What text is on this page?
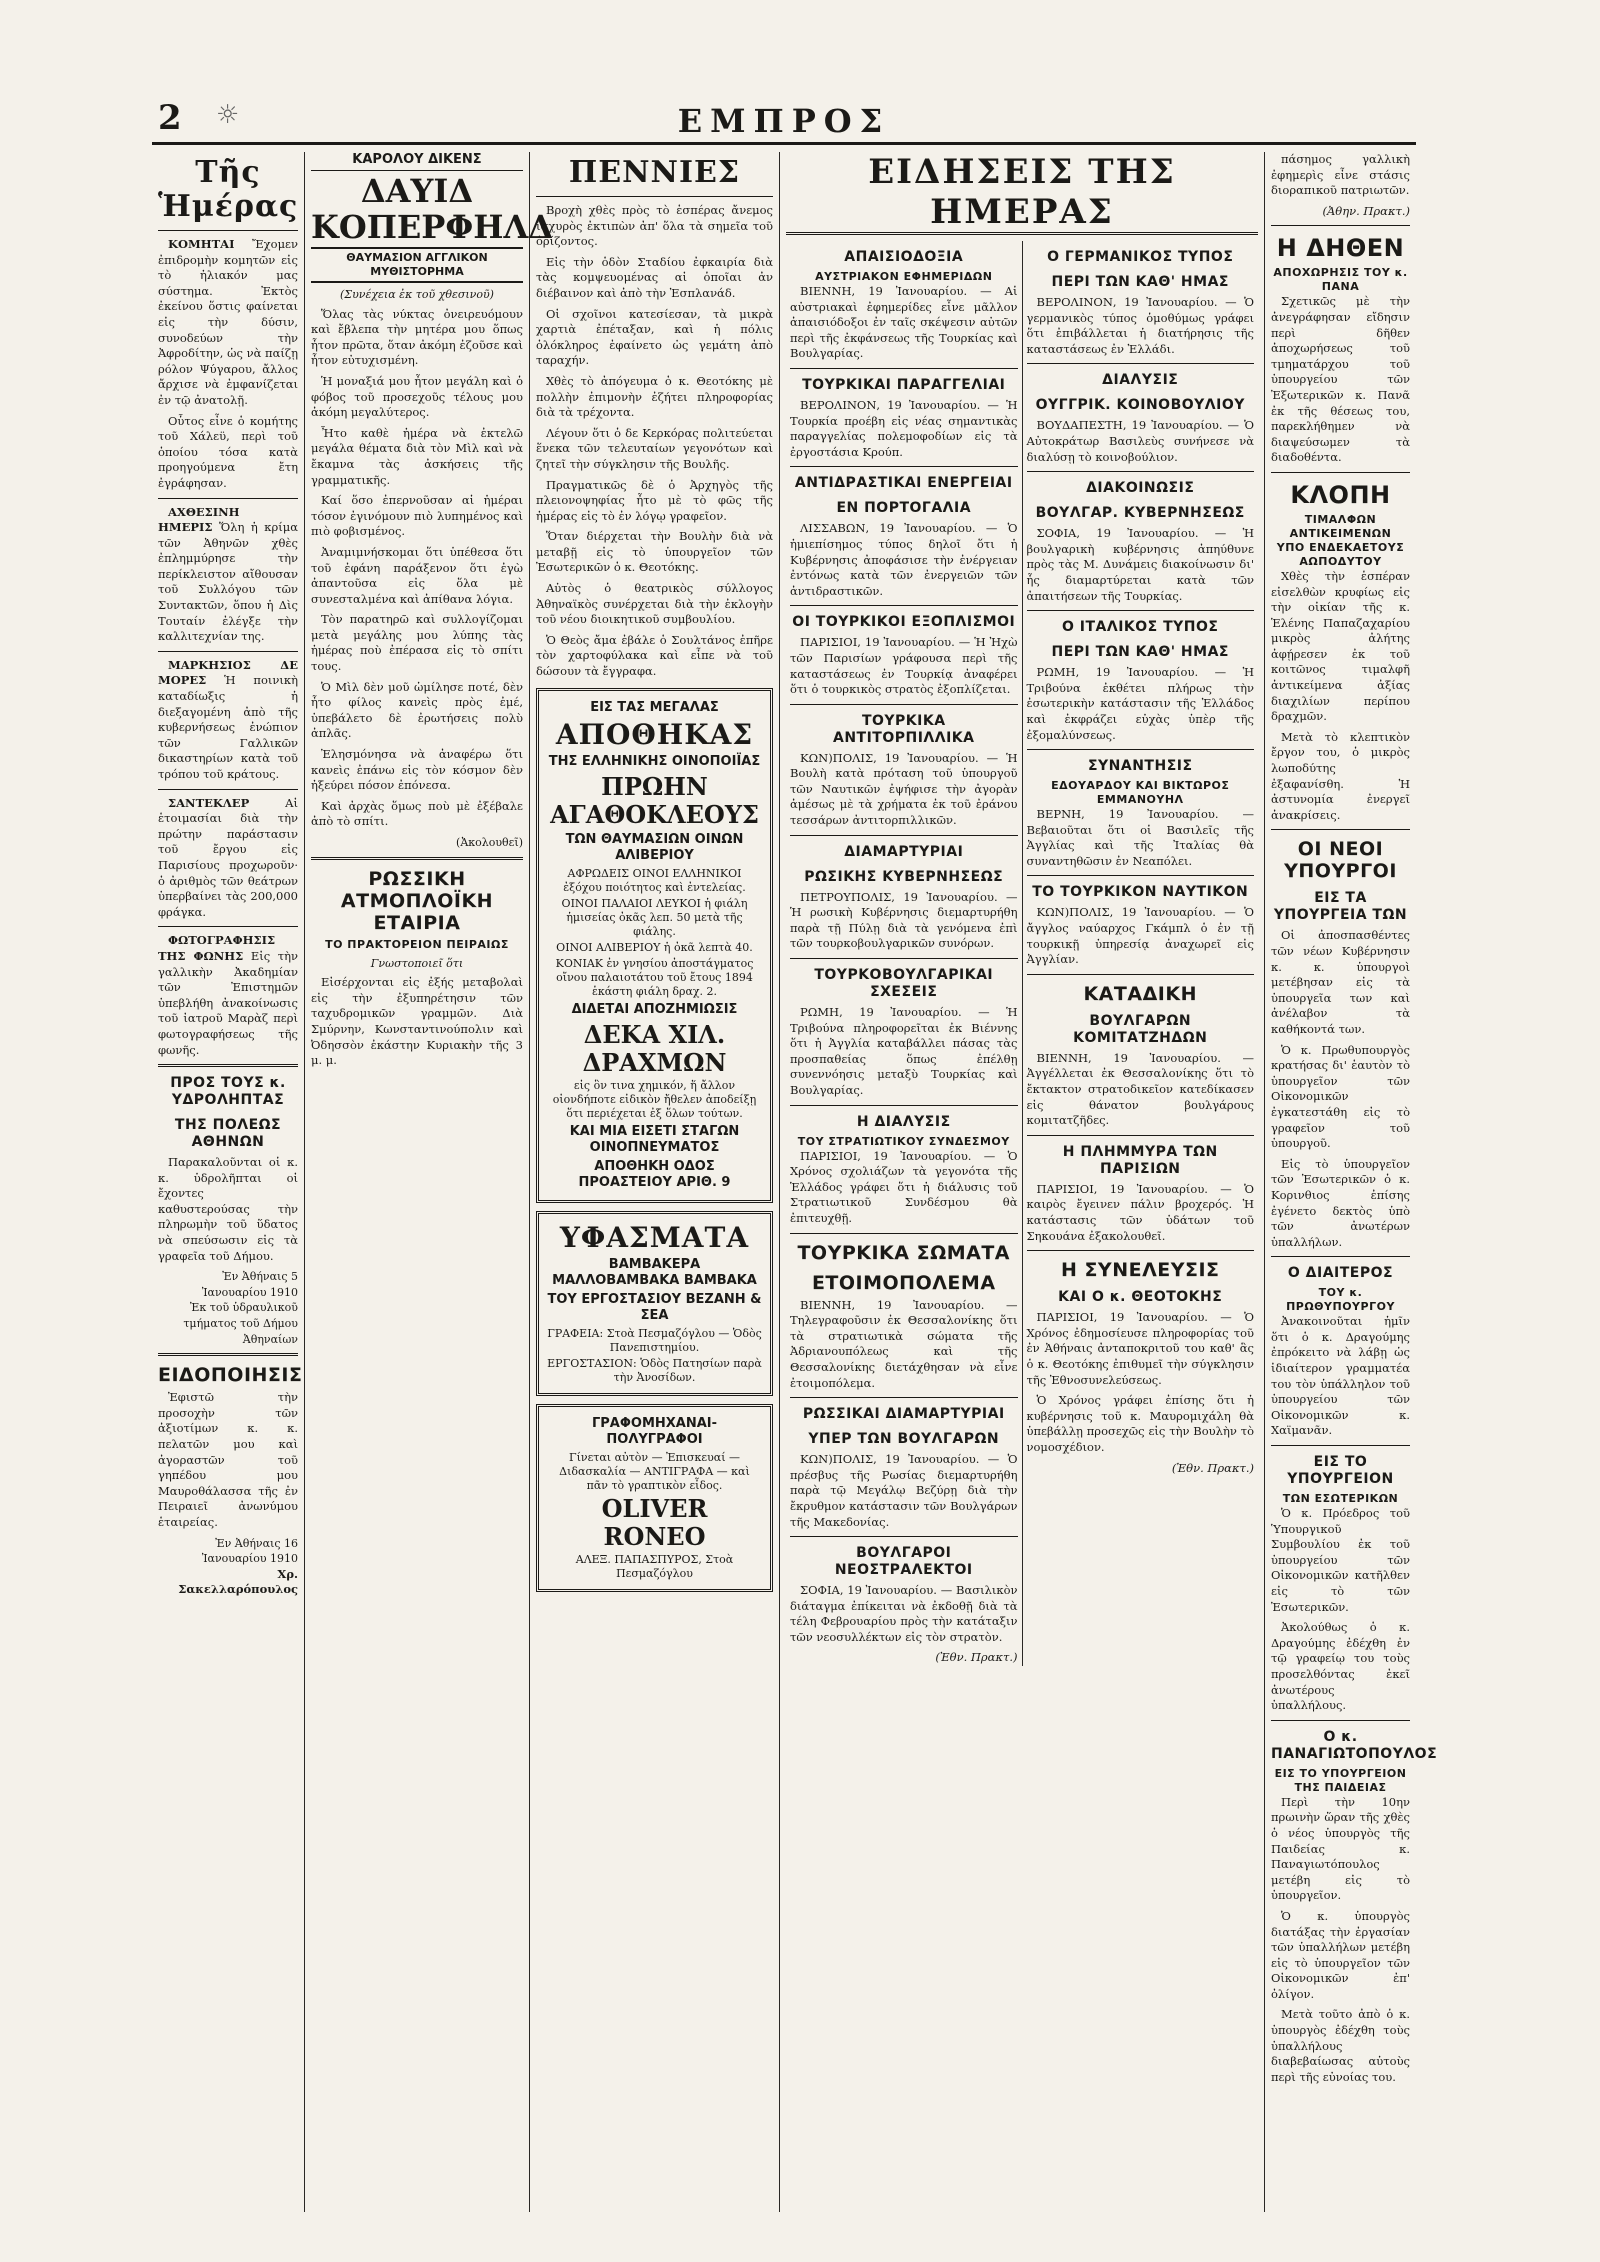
2 ☼	ΕΜΠΡΟΣ
Τῆς Ἡμέρας

ΚΟΜΗΤΑΙ Ἔχομεν ἐπιδρομὴν κομητῶν εἰς τὸ ἡλιακόν μας σύστημα. Ἐκτὸς ἐκείνου ὅστις φαίνεται εἰς τὴν δύσιν, συνοδεύων τὴν Ἀφροδίτην, ὡς νὰ παίζῃ ρόλον Ψύγαρου, ἄλλος ἄρχισε νὰ ἐμφανίζεται ἐν τῷ ἀνατολῇ.

Οὗτος εἶνε ὁ κομήτης τοῦ Χάλεϋ, περὶ τοῦ ὁποίου τόσα κατὰ προηγούμενα ἔτη ἐγράφησαν.

ΑΧΘΕΣΙΝΗ ΗΜΕΡΙΣ Ὅλη ἡ κρίμα τῶν Ἀθηνῶν χθὲς ἐπλημμύρησε τὴν περίκλειστον αἴθουσαν τοῦ Συλλόγου τῶν Συντακτῶν, ὅπου ἡ Δὶς Τουταίν ἐλέγξε τὴν καλλιτεχνίαν της.

ΜΑΡΚΗΣΙΟΣ ΔΕ ΜΟΡΕΣ Ἡ ποινικὴ καταδίωξις ἡ διεξαγομένη ἀπὸ τῆς κυβερνήσεως ἐνώπιον τῶν Γαλλικῶν δικαστηρίων κατὰ τοῦ τρόπου τοῦ κράτους.

ΣΑΝΤΕΚΛΕΡ	Αἱ ἑτοιμασίαι διὰ τὴν πρώτην παράστασιν τοῦ ἔργου εἰς Παρισίους προχωροῦν· ὁ ἀριθμὸς τῶν θεάτρων ὑπερβαίνει τὰς 200,000 φράγκα.

ΦΩΤΟΓΡΑΦΗΣΙΣ ΤΗΣ ΦΩΝΗΣ Εἰς τὴν γαλλικὴν Ἀκαδημίαν τῶν Ἐπιστημῶν ὑπεβλήθη ἀνακοίνωσις τοῦ ἰατροῦ Μαρὰζ περὶ φωτογραφήσεως τῆς φωνῆς.

ΠΡΟΣ ΤΟΥΣ κ. ΥΔΡΟΛΗΠΤΑΣ
ΤΗΣ ΠΟΛΕΩΣ ΑΘΗΝΩΝ

Παρακαλοῦνται οἱ κ. κ. ὑδρολῆπται οἱ ἔχοντες καθυστερούσας τὴν πληρωμὴν τοῦ ὕδατος νὰ σπεύσωσιν εἰς τὰ γραφεῖα τοῦ Δήμου.

Ἐν Ἀθήναις 5 Ἰανουαρίου 1910
Ἐκ τοῦ ὑδραυλικοῦ τμήματος τοῦ Δήμου Ἀθηναίων
ΕΙΔΟΠΟΙΗΣΙΣ

Ἐφιστῶ τὴν προσοχὴν τῶν ἀξιοτίμων κ. κ. πελατῶν μου καὶ ἀγοραστῶν τοῦ γηπέδου μου Μαυροθάλασσα τῆς ἐν Πειραιεῖ ἀνωνύμου ἑταιρείας.

Ἐν Ἀθήναις 16 Ἰανουαρίου 1910
Χρ. Σακελλαρόπουλος
ΚΑΡΟΛΟΥ ΔΙΚΕΝΣ
ΔΑΥΙΔ ΚΟΠΕΡΦΗΛΔ
ΘΑΥΜΑΣΙΟΝ ΑΓΓΛΙΚΟΝ ΜΥΘΙΣΤΟΡΗΜΑ
(Συνέχεια ἐκ τοῦ χθεσινοῦ)

Ὅλας τὰς νύκτας ὀνειρευόμουν καὶ ἔβλεπα τὴν μητέρα μου ὅπως ἦτον πρῶτα, ὅταν ἀκόμη ἐζοῦσε καὶ ἦτον εὐτυχισμένη.

Ἡ μοναξιά μου ἦτον μεγάλη καὶ ὁ φόβος τοῦ προσεχοῦς τέλους μου ἀκόμη μεγαλύτερος.

Ἦτο καθὲ ἡμέρα νὰ ἐκτελῶ μεγάλα θέματα διὰ τὸν Μὶλ καὶ νὰ ἔκαμνα τὰς ἀσκήσεις τῆς γραμματικῆς.

Καί ὅσο ἐπερνοῦσαν αἱ ἡμέραι τόσον ἐγινόμουν πιὸ λυπημένος καὶ πιὸ φοβισμένος.

Ἀναμιμνήσκομαι ὅτι ὑπέθεσα ὅτι τοῦ ἐφάνη παράξενον ὅτι ἐγὼ ἀπαντοῦσα εἰς ὅλα μὲ συνεσταλμένα καὶ ἀπίθανα λόγια.

Τὸν παρατηρῶ καὶ συλλογίζομαι μετὰ μεγάλης μου λύπης τὰς ἡμέρας ποὺ ἐπέρασα εἰς τὸ σπίτι τους.

Ὁ Μὶλ δὲν μοῦ ὡμίλησε ποτέ, δὲν ἦτο φίλος κανεὶς πρὸς ἐμέ, ὑπεβάλετο δὲ ἐρωτήσεις πολὺ ἀπλᾶς.

Ἐλησμόνησα νὰ ἀναφέρω ὅτι κανεὶς ἐπάνω εἰς τὸν κόσμον δὲν ἠξεύρει πόσον ἐπόνεσα.

Καὶ ἀρχὰς ὅμως ποὺ μὲ ἐξέβαλε ἀπὸ τὸ σπίτι.

(Ἀκολουθεῖ)
ΡΩΣΣΙΚΗ ΑΤΜΟΠΛΟΪΚΗ ΕΤΑΙΡΙΑ
ΤΟ ΠΡΑΚΤΟΡΕΙΟΝ ΠΕΙΡΑΙΩΣ
Γνωστοποιεῖ ὅτι

Εἰσέρχονται εἰς ἐξής μεταβολαὶ εἰς τὴν ἐξυπηρέτησιν τῶν ταχυδρομικῶν γραμμῶν. Διὰ Σμύρνην, Κωνσταντινούπολιν καὶ Ὀδησσὸν ἐκάστην Κυριακὴν τῆς 3 μ. μ.

ΠΕΝΝΙΕΣ

Βροχὴ χθὲς πρὸς τὸ ἑσπέρας ἄνεμος ἰσχυρὸς ἐκτιπὼν ἀπ' ὅλα τὰ σημεῖα τοῦ ὁρίζοντος.

Εἰς τὴν ὁδὸν Σταδίου ἐφκαιρία διὰ τὰς κομψευομένας αἱ ὁποῖαι ἀν διέβαινον καὶ ἀπὸ τὴν Ἐσπλανάδ.

Οἱ σχοῖνοι κατεσίεσαν, τὰ μικρὰ χαρτιὰ ἐπέταξαν, καὶ ἡ πόλις ὁλόκληρος ἐφαίνετο ὡς γεμάτη ἀπὸ ταραχήν.

Χθὲς τὸ ἀπόγευμα ὁ κ. Θεοτόκης μὲ πολλὴν ἐπιμονὴν ἐζήτει πληροφορίας διὰ τὰ τρέχοντα.

Λέγουν ὅτι ὁ δε Κερκόρας πολιτεύεται ἕνεκα τῶν τελευταίων γεγονότων καὶ ζητεῖ τὴν σύγκλησιν τῆς Βουλῆς.

Πραγματικῶς δὲ ὁ Ἀρχηγὸς τῆς πλειονοψηφίας ἦτο μὲ τὸ φῶς τῆς ἡμέρας εἰς τὸ ἐν λόγῳ γραφεῖον.

Ὅταν διέρχεται τὴν Βουλὴν διὰ νὰ μεταβῇ εἰς τὸ ὑπουργεῖον τῶν Ἐσωτερικῶν ὁ κ. Θεοτόκης.

Αὐτὸς ὁ θεατρικὸς σύλλογος Ἀθηναϊκὸς συνέρχεται διὰ τὴν ἐκλογὴν τοῦ νέου διοικητικοῦ συμβουλίου.

Ὁ Θεὸς ἄμα ἐβάλε ὁ Σουλτάνος ἐπῆρε τὸν χαρτοφύλακα καὶ εἶπε νὰ τοῦ δώσουν τὰ ἔγγραφα.

ΕΙΣ ΤΑΣ ΜΕΓΑΛΑΣ
ΑΠΟΘΗΚΑΣ
ΤΗΣ ΕΛΛΗΝΙΚΗΣ ΟΙΝΟΠΟΙΪΑΣ
ΠΡΩΗΝ ΑΓΑΘΟΚΛΕΟΥΣ
ΤΩΝ ΘΑΥΜΑΣΙΩΝ ΟΙΝΩΝ ΑΛΙΒΕΡΙΟΥ
ΑΦΡΩΔΕΙΣ ΟΙΝΟΙ ΕΛΛΗΝΙΚΟΙ ἐξόχου ποιότητος καὶ ἐντελείας.
ΟΙΝΟΙ ΠΑΛΑΙΟΙ ΛΕΥΚΟΙ ἡ φιάλη ἡμισείας ὀκᾶς λεπ. 50 μετὰ τῆς φιάλης.
ΟΙΝΟΙ ΑΛΙΒΕΡΙΟΥ ἡ ὀκᾶ λεπτὰ 40.
ΚΟΝΙΑΚ ἐν γνησίου ἀποστάγματος οἴνου παλαιοτάτου τοῦ ἔτους 1894 ἑκάστη φιάλη δραχ. 2.
ΔΙΔΕΤΑΙ ΑΠΟΖΗΜΙΩΣΙΣ
ΔΕΚΑ ΧΙΛ. ΔΡΑΧΜΩΝ
εἰς ὃν τινα χημικόν, ἥ ἄλλον οἱονδήποτε εἰδικὸν ἤθελεν ἀποδείξῃ ὅτι περιέχεται ἐξ ὅλων τούτων.
ΚΑΙ ΜΙΑ ΕΙΣΕΤΙ ΣΤΑΓΩΝ ΟΙΝΟΠΝΕΥΜΑΤΟΣ
ΑΠΟΘΗΚΗ ΟΔΟΣ ΠΡΟΑΣΤΕΙΟΥ ΑΡΙΘ. 9
ΥΦΑΣΜΑΤΑ
ΒΑΜΒΑΚΕΡΑ ΜΑΛΛΟΒΑΜΒΑΚΑ ΒΑΜΒΑΚΑ
ΤΟΥ ΕΡΓΟΣΤΑΣΙΟΥ ΒΕΖΑΝΗ & ΣΕΑ
ΓΡΑΦΕΙΑ: Στοὰ Πεσμαζόγλου — Ὁδὸς Πανεπιστημίου.
ΕΡΓΟΣΤΑΣΙΟΝ: Ὁδὸς Πατησίων παρὰ τὴν Ἀνοσίδων.
ΓΡΑΦΟΜΗΧΑΝΑΙ-ΠΟΛΥΓΡΑΦΟΙ
Γίνεται αὐτὸν — Ἐπισκευαί — Διδασκαλία — ΑΝΤΙΓΡΑΦΑ — καὶ πᾶν τὸ γραπτικὸν εἶδος.
OLIVER RONEO
ΑΛΕΞ. ΠΑΠΑΣΠΥΡΟΣ, Στοὰ Πεσμαζόγλου
ΕΙΔΗΣΕΙΣ ΤΗΣ ΗΜΕΡΑΣ
ΑΠΑΙΣΙΟΔΟΞΙΑ
ΑΥΣΤΡΙΑΚΟΝ ΕΦΗΜΕΡΙΔΩΝ

ΒΙΕΝΝΗ, 19 Ἰανουαρίου. — Αἱ αὐστριακαὶ ἐφημερίδες εἶνε μᾶλλον ἀπαισιόδοξοι ἐν ταῖς σκέψεσιν αὐτῶν περὶ τῆς ἐκφάνσεως τῆς Τουρκίας καὶ Βουλγαρίας.

ΤΟΥΡΚΙΚΑΙ ΠΑΡΑΓΓΕΛΙΑΙ

ΒΕΡΟΛΙΝΟΝ, 19 Ἰανουαρίου. — Ἡ Τουρκία προέβη εἰς νέας σημαντικὰς παραγγελίας πολεμοφοδίων εἰς τὰ ἐργοστάσια Κρούπ.

ΑΝΤΙΔΡΑΣΤΙΚΑΙ ΕΝΕΡΓΕΙΑΙ
ΕΝ ΠΟΡΤΟΓΑΛΙΑ

ΛΙΣΣΑΒΩΝ, 19 Ἰανουαρίου. — Ὁ ἡμιεπίσημος τύπος δηλοῖ ὅτι ἡ Κυβέρνησις ἀποφάσισε τὴν ἐνέργειαν ἐντόνως κατὰ τῶν ἐνεργειῶν τῶν ἀντιδραστικῶν.

ΟΙ ΤΟΥΡΚΙΚΟΙ ΕΞΟΠΛΙΣΜΟΙ

ΠΑΡΙΣΙΟΙ, 19 Ἰανουαρίου. — Ἡ Ἠχὼ τῶν Παρισίων γράφουσα περὶ τῆς καταστάσεως ἐν Τουρκίᾳ ἀναφέρει ὅτι ὁ τουρκικὸς στρατὸς ἐξοπλίζεται.

ΤΟΥΡΚΙΚΑ ΑΝΤΙΤΟΡΠΙΛΛΙΚΑ

ΚΩΝ)ΠΟΛΙΣ, 19 Ἰανουαρίου. — Ἡ Βουλὴ κατὰ πρόταση τοῦ ὑπουργοῦ τῶν Ναυτικῶν ἐψήφισε τὴν ἀγορὰν ἀμέσως μὲ τὰ χρήματα ἐκ τοῦ ἐράνου τεσσάρων ἀντιτορπιλλικῶν.

ΔΙΑΜΑΡΤΥΡΙΑΙ
ΡΩΣΙΚΗΣ ΚΥΒΕΡΝΗΣΕΩΣ

ΠΕΤΡΟΥΠΟΛΙΣ, 19 Ἰανουαρίου. — Ἡ ρωσικὴ Κυβέρνησις διεμαρτυρήθη παρὰ τῇ Πύλῃ διὰ τὰ γενόμενα ἐπὶ τῶν τουρκοβουλγαρικῶν συνόρων.

ΤΟΥΡΚΟΒΟΥΛΓΑΡΙΚΑΙ ΣΧΕΣΕΙΣ

ΡΩΜΗ, 19 Ἰανουαρίου. — Ἡ Τριβούνα πληροφορεῖται ἐκ Βιέννης ὅτι ἡ Ἀγγλία καταβάλλει πάσας τὰς προσπαθείας ὅπως ἐπέλθῃ συνεννόησις μεταξὺ Τουρκίας καὶ Βουλγαρίας.

Η ΔΙΑΛΥΣΙΣ
ΤΟΥ ΣΤΡΑΤΙΩΤΙΚΟΥ ΣΥΝΔΕΣΜΟΥ

ΠΑΡΙΣΙΟΙ, 19 Ἰανουαρίου. — Ὁ Χρόνος σχολιάζων τὰ γεγονότα τῆς Ἑλλάδος γράφει ὅτι ἡ διάλυσις τοῦ Στρατιωτικοῦ Συνδέσμου θὰ ἐπιτευχθῇ.

ΤΟΥΡΚΙΚΑ ΣΩΜΑΤΑ
ΕΤΟΙΜΟΠΟΛΕΜΑ

ΒΙΕΝΝΗ, 19 Ἰανουαρίου. — Τηλεγραφοῦσιν ἐκ Θεσσαλονίκης ὅτι τὰ στρατιωτικὰ σώματα τῆς Ἀδριανουπόλεως καὶ τῆς Θεσσαλονίκης διετάχθησαν νὰ εἶνε ἐτοιμοπόλεμα.

ΡΩΣΣΙΚΑΙ ΔΙΑΜΑΡΤΥΡΙΑΙ
ΥΠΕΡ ΤΩΝ ΒΟΥΛΓΑΡΩΝ

ΚΩΝ)ΠΟΛΙΣ, 19 Ἰανουαρίου. — Ὁ πρέσβυς τῆς Ρωσίας διεμαρτυρήθη παρὰ τῷ Μεγάλῳ Βεζύρῃ διὰ τὴν ἔκρυθμον κατάστασιν τῶν Βουλγάρων τῆς Μακεδονίας.

ΒΟΥΛΓΑΡΟΙ ΝΕΟΣΤΡΑΛΕΚΤΟΙ

ΣΟΦΙΑ, 19 Ἰανουαρίου. — Βασιλικὸν διάταγμα ἐπίκειται νὰ ἐκδοθῇ διὰ τὰ τέλη Φεβρουαρίου πρὸς τὴν κατάταξιν τῶν νεοσυλλέκτων εἰς τὸν στρατὸν.

(Ἐθν. Πρακτ.)
Ο ΓΕΡΜΑΝΙΚΟΣ ΤΥΠΟΣ
ΠΕΡΙ ΤΩΝ ΚΑΘ' ΗΜΑΣ

ΒΕΡΟΛΙΝΟΝ, 19 Ἰανουαρίου. — Ὁ γερμανικὸς τύπος ὁμοθύμως γράφει ὅτι ἐπιβάλλεται ἡ διατήρησις τῆς καταστάσεως ἐν Ἑλλάδι.

ΔΙΑΛΥΣΙΣ
ΟΥΓΓΡΙΚ. ΚΟΙΝΟΒΟΥΛΙΟΥ

ΒΟΥΔΑΠΕΣΤΗ, 19 Ἰανουαρίου. — Ὁ Αὐτοκράτωρ Βασιλεὺς συνήνεσε νὰ διαλύσῃ τὸ κοινοβούλιον.

ΔΙΑΚΟΙΝΩΣΙΣ
ΒΟΥΛΓΑΡ. ΚΥΒΕΡΝΗΣΕΩΣ

ΣΟΦΙΑ, 19 Ἰανουαρίου. — Ἡ βουλγαρικὴ κυβέρνησις ἀπηύθυνε πρὸς τὰς Μ. Δυνάμεις διακοίνωσιν δι' ἧς διαμαρτύρεται κατὰ τῶν ἀπαιτήσεων τῆς Τουρκίας.

Ο ΙΤΑΛΙΚΟΣ ΤΥΠΟΣ
ΠΕΡΙ ΤΩΝ ΚΑΘ' ΗΜΑΣ

ΡΩΜΗ, 19 Ἰανουαρίου. — Ἡ Τριβούνα ἐκθέτει πλήρως τὴν ἐσωτερικὴν κατάστασιν τῆς Ἑλλάδος καὶ ἐκφράζει εὐχὰς ὑπὲρ τῆς ἐξομαλύνσεως.

ΣΥΝΑΝΤΗΣΙΣ
ΕΔΟΥΑΡΔΟΥ ΚΑΙ ΒΙΚΤΩΡΟΣ ΕΜΜΑΝΟΥΗΛ

ΒΕΡΝΗ, 19 Ἰανουαρίου. — Βεβαιοῦται ὅτι οἱ Βασιλεῖς τῆς Ἀγγλίας καὶ τῆς Ἰταλίας θὰ συναντηθῶσιν ἐν Νεαπόλει.

ΤΟ ΤΟΥΡΚΙΚΟΝ ΝΑΥΤΙΚΟΝ

ΚΩΝ)ΠΟΛΙΣ, 19 Ἰανουαρίου. — Ὁ ἄγγλος ναύαρχος Γκάμπλ ὁ ἐν τῇ τουρκικῇ ὑπηρεσίᾳ ἀναχωρεῖ εἰς Ἀγγλίαν.

ΚΑΤΑΔΙΚΗ
ΒΟΥΛΓΑΡΩΝ ΚΟΜΙΤΑΤΖΗΔΩΝ

ΒΙΕΝΝΗ, 19 Ἰανουαρίου. — Ἀγγέλλεται ἐκ Θεσσαλονίκης ὅτι τὸ ἔκτακτον στρατοδικεῖον κατεδίκασεν εἰς θάνατον βουλγάρους κομιτατζῆδες.

Η ΠΛΗΜΜΥΡΑ ΤΩΝ ΠΑΡΙΣΙΩΝ

ΠΑΡΙΣΙΟΙ, 19 Ἰανουαρίου. — Ὁ καιρὸς ἔγεινεν πάλιν βροχερός. Ἡ κατάστασις τῶν ὑδάτων τοῦ Σηκουάνα ἐξακολουθεῖ.

Η ΣΥΝΕΛΕΥΣΙΣ
ΚΑΙ Ο κ. ΘΕΟΤΟΚΗΣ

ΠΑΡΙΣΙΟΙ, 19 Ἰανουαρίου. — Ὁ Χρόνος ἐδημοσίευσε πληροφορίας τοῦ ἐν Ἀθήναις ἀνταποκριτοῦ του καθ' ἃς ὁ κ. Θεοτόκης ἐπιθυμεῖ τὴν σύγκλησιν τῆς Ἐθνοσυνελεύσεως.

Ὁ Χρόνος γράφει ἐπίσης ὅτι ἡ κυβέρνησις τοῦ κ. Μαυρομιχάλη θὰ ὑπεβάλλῃ προσεχῶς εἰς τὴν Βουλὴν τὸ νομοσχέδιον.

(Ἐθν. Πρακτ.)

πάσημος γαλλικὴ ἐφημερὶς εἶνε στάσις διοραπικοῦ πατριωτῶν.

(Ἀθην. Πρακτ.)
Η ΔΗΘΕΝ
ΑΠΟΧΩΡΗΣΙΣ ΤΟΥ κ. ΠΑΝΑ

Σχετικῶς μὲ τὴν ἀνεγράφησαν εἴδησιν περὶ δῆθεν ἀποχωρήσεως τοῦ τμηματάρχου τοῦ ὑπουργείου τῶν Ἐξωτερικῶν κ. Πανᾶ ἐκ τῆς θέσεως του, παρεκλήθημεν νὰ διαψεύσωμεν τὰ διαδοθέντα.

ΚΛΟΠΗ
ΤΙΜΑΛΦΩΝ ΑΝΤΙΚΕΙΜΕΝΩΝ
ΥΠΟ ΕΝΔΕΚΑΕΤΟΥΣ ΑΩΠΟΔΥΤΟΥ

Χθὲς τὴν ἑσπέραν εἰσελθὼν κρυφίως εἰς τὴν οἰκίαν τῆς κ. Ἑλένης Παπαζαχαρίου μικρὸς ἀλήτης ἀφῄρεσεν ἐκ τοῦ κοιτῶνος τιμαλφῆ ἀντικείμενα ἀξίας διαχιλίων περίπου δραχμῶν.

Μετὰ τὸ κλεπτικὸν ἔργον του, ὁ μικρὸς λωποδύτης ἐξαφανίσθη. Ἡ ἀστυνομία ἐνεργεῖ ἀνακρίσεις.

ΟΙ ΝΕΟΙ ΥΠΟΥΡΓΟΙ
ΕΙΣ ΤΑ ΥΠΟΥΡΓΕΙΑ ΤΩΝ

Οἱ ἀποσπασθέντες τῶν νέων Κυβέρνησιν κ. κ. ὑπουργοὶ μετέβησαν εἰς τὰ ὑπουργεῖα των καὶ ἀνέλαβον τὰ καθήκοντά των.

Ὁ κ. Πρωθυπουργὸς κρατήσας δι' ἑαυτὸν τὸ ὑπουργεῖον τῶν Οἰκονομικῶν ἐγκατεστάθη εἰς τὸ γραφεῖον τοῦ ὑπουργοῦ.

Εἰς τὸ ὑπουργεῖον τῶν Ἐσωτερικῶν ὁ κ. Κορινθιος ἐπίσης ἐγένετο δεκτὸς ὑπὸ τῶν ἀνωτέρων ὑπαλλήλων.

Ο ΔΙΑΙΤΕΡΟΣ
ΤΟΥ κ. ΠΡΩΘΥΠΟΥΡΓΟΥ

Ἀνακοινοῦται ἡμῖν ὅτι ὁ κ. Δραγούμης ἐπρόκειτο νὰ λάβῃ ὡς ἰδιαίτερον γραμματέα του τὸν ὑπάλληλον τοῦ ὑπουργείου τῶν Οἰκονομικῶν κ. Χαϊμανᾶν.

ΕΙΣ ΤΟ ΥΠΟΥΡΓΕΙΟΝ
ΤΩΝ ΕΣΩΤΕΡΙΚΩΝ

Ὁ κ. Πρόεδρος τοῦ Ὑπουργικοῦ Συμβουλίου ἐκ τοῦ ὑπουργείου τῶν Οἰκονομικῶν κατῆλθεν εἰς τὸ τῶν Ἐσωτερικῶν.

Ἀκολούθως ὁ κ. Δραγούμης ἐδέχθη ἐν τῷ γραφείῳ του τοὺς προσελθόντας ἐκεῖ ἀνωτέρους ὑπαλλήλους.

Ο κ. ΠΑΝΑΓΙΩΤΟΠΟΥΛΟΣ
ΕΙΣ ΤΟ ΥΠΟΥΡΓΕΙΟΝ
ΤΗΣ ΠΑΙΔΕΙΑΣ

Περὶ τὴν 10ην πρωινὴν ὥραν τῆς χθὲς ὁ νέος ὑπουργὸς τῆς Παιδείας κ. Παναγιωτόπουλος μετέβη εἰς τὸ ὑπουργεῖον.

Ὁ κ. ὑπουργὸς διατάξας τὴν ἐργασίαν τῶν ὑπαλλήλων μετέβη εἰς τὸ ὑπουργεῖον τῶν Οἰκονομικῶν ἐπ' ὀλίγον.

Μετὰ τοῦτο ἀπὸ ὁ κ. ὑπουργὸς ἐδέχθη τοὺς ὑπαλλήλους διαβεβαίωσας αὐτοὺς περὶ τῆς εὐνοίας του.
